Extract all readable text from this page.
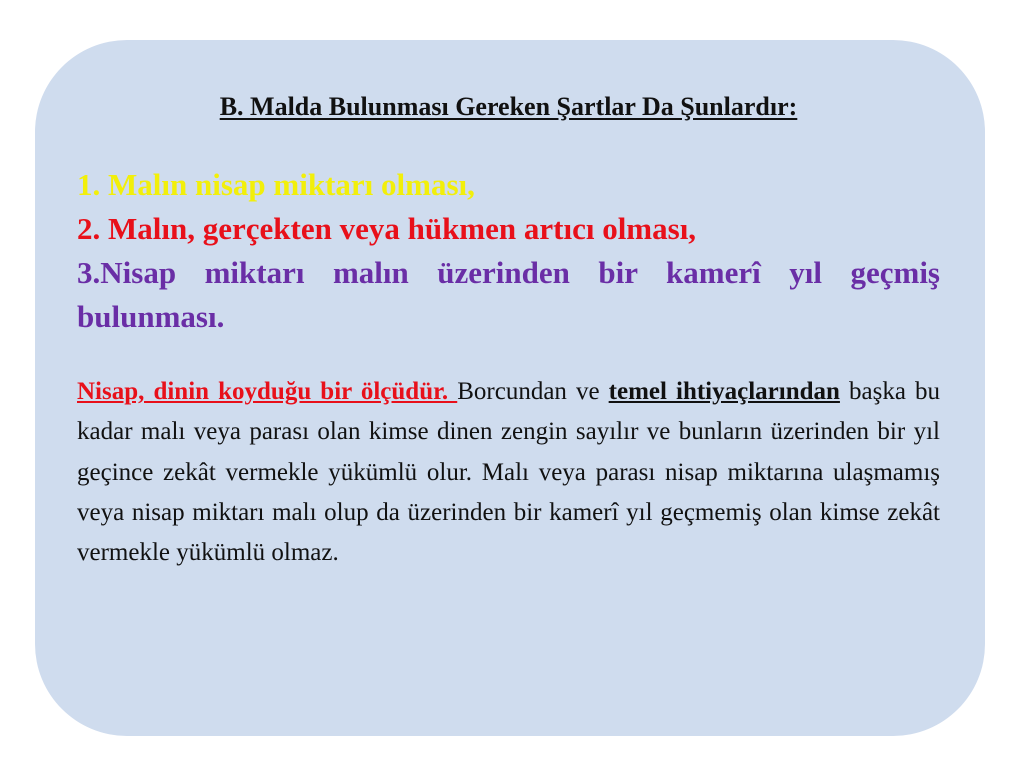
B. Malda Bulunması Gereken Şartlar Da Şunlardır:

1. Malın nisap miktarı olması,
2. Malın, gerçekten veya hükmen artıcı olması,
3.Nisap miktarı malın üzerinden bir kamerî yıl geçmiş bulunması.
Nisap, dinin koyduğu bir ölçüdür. Borcundan ve temel ihtiyaçlarından başka bu kadar malı veya parası olan kimse dinen zengin sayılır ve bunların üzerinden bir yıl geçince zekât vermekle yükümlü olur. Malı veya parası nisap miktarına ulaşmamış veya nisap miktarı malı olup da üzerinden bir kamerî yıl geçmemiş olan kimse zekât vermekle yükümlü olmaz.
